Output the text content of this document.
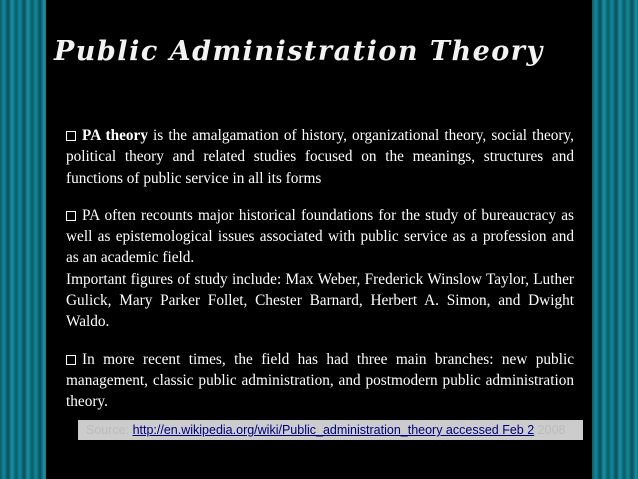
Public Administration Theory

PA theory is the amalgamation of history, organizational theory, social theory, political theory and related studies focused on the meanings, structures and functions of public service in all its forms

PA often recounts major historical foundations for the study of bureaucracy as well as epistemological issues associated with public service as a profession and as an academic field.

Important figures of study include: Max Weber, Frederick Winslow Taylor, Luther Gulick, Mary Parker Follet, Chester Barnard, Herbert A. Simon, and Dwight Waldo.

In more recent times, the field has had three main branches: new public management, classic public administration, and postmodern public administration theory.

Source: http://en.wikipedia.org/wiki/Public_administration_theory accessed Feb 2 2008
